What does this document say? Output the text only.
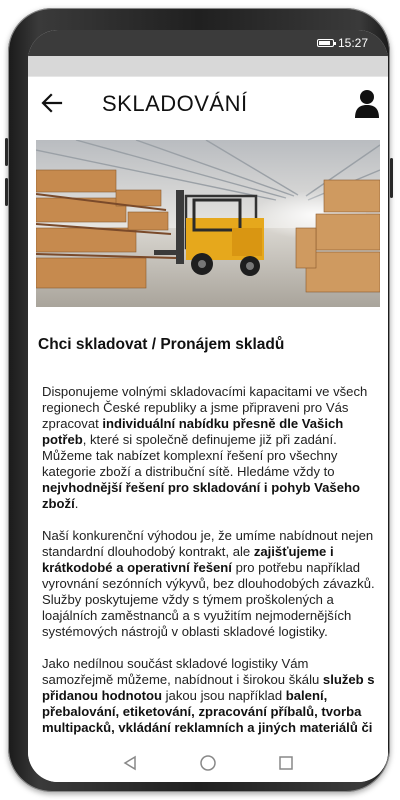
15:27
SKLADOVÁNÍ
Chci skladovat / Pronájem skladů

Disponujeme volnými skladovacími kapacitami ve všech regionech České republiky a jsme připraveni pro Vás zpracovat individuální nabídku přesně dle Vašich potřeb, které si společně definujeme již při zadání. Můžeme tak nabízet komplexní řešení pro všechny kategorie zboží a distribuční sítě. Hledáme vždy to nejvhodnější řešení pro skladování i pohyb Vašeho zboží.

Naší konkurenční výhodou je, že umíme nabídnout nejen standardní dlouhodobý kontrakt, ale zajišťujeme i krátkodobé a operativní řešení pro potřebu například vyrovnání sezónních výkyvů, bez dlouhodobých závazků. Služby poskytujeme vždy s týmem proškolených a loajálních zaměstnanců a s využitím nejmodernějších systémových nástrojů v oblasti skladové logistiky.

Jako nedílnou součást skladové logistiky Vám samozřejmě můžeme, nabídnout i širokou škálu služeb s přidanou hodnotou jakou jsou například balení, přebalování, etiketování, zpracování příbalů, tvorba multipacků, vkládání reklamních a jiných materiálů či
